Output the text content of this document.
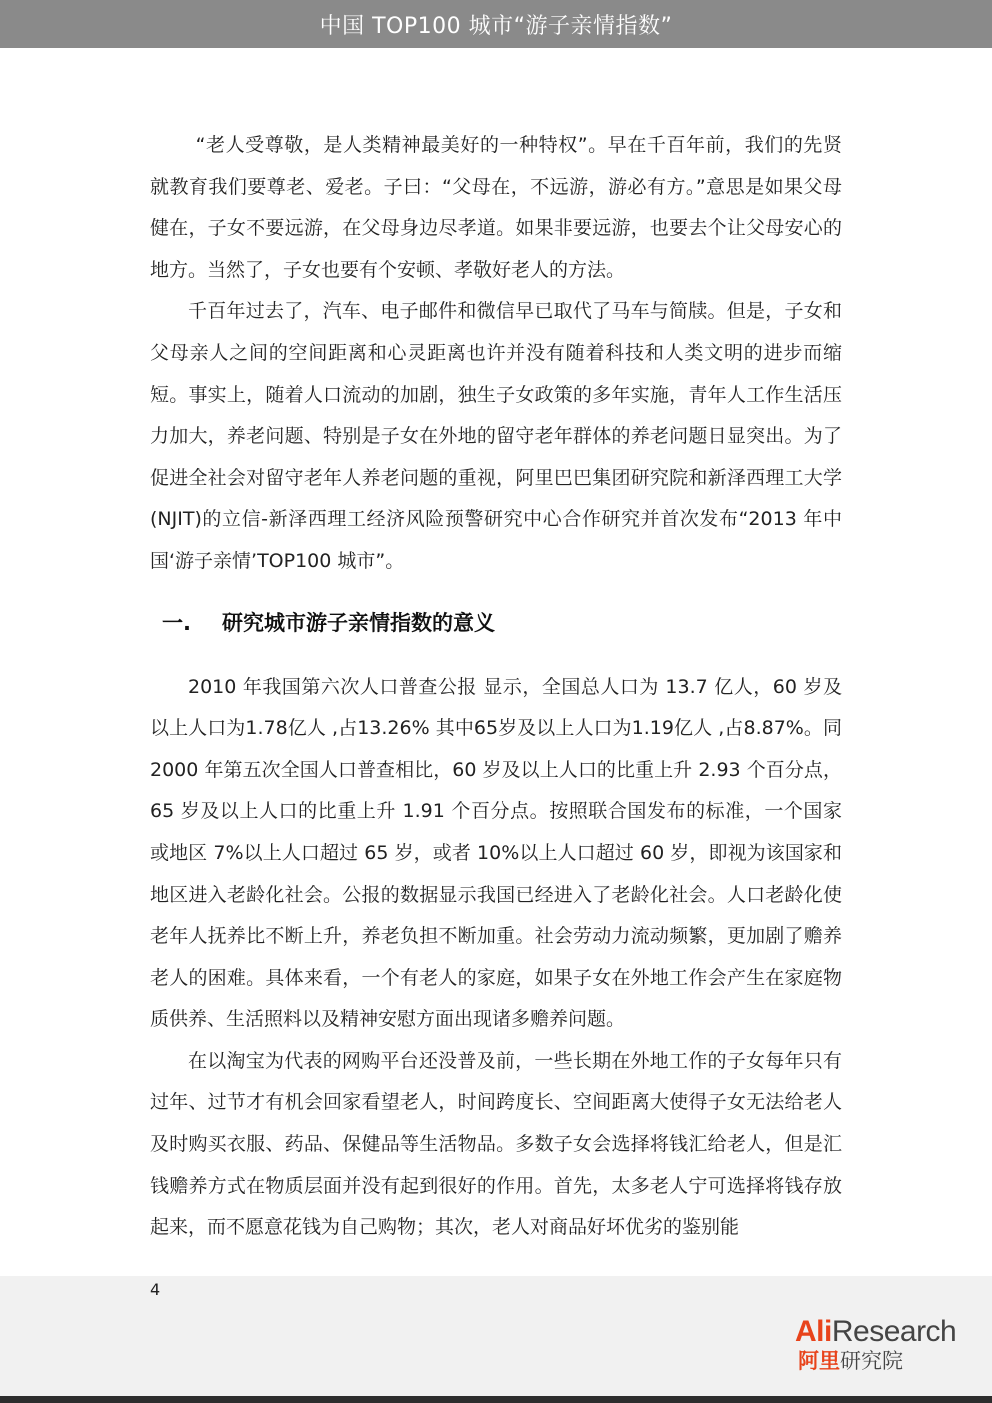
中国 TOP100 城市“游子亲情指数”

“老人受尊敬，是人类精神最美好的一种特权”。早在千百年前，我们的先贤就教育我们要尊老、爱老。子曰：“父母在，不远游，游必有方。”意思是如果父母健在，子女不要远游，在父母身边尽孝道。如果非要远游，也要去个让父母安心的地方。当然了，子女也要有个安顿、孝敬好老人的方法。

千百年过去了，汽车、电子邮件和微信早已取代了马车与简牍。但是，子女和父母亲人之间的空间距离和心灵距离也许并没有随着科技和人类文明的进步而缩短。事实上，随着人口流动的加剧，独生子女政策的多年实施，青年人工作生活压力加大，养老问题、特别是子女在外地的留守老年群体的养老问题日显突出。为了促进全社会对留守老年人养老问题的重视，阿里巴巴集团研究院和新泽西理工大学(NJIT)的立信-新泽西理工经济风险预警研究中心合作研究并首次发布“2013 年中国‘游子亲情’TOP100 城市”。

一.	研究城市游子亲情指数的意义

2010 年我国第六次人口普查公报 显示，全国总人口为 13.7 亿人，60 岁及以上人口为1.78亿人 ,占13.26% 其中65岁及以上人口为1.19亿人 ,占8.87%。同 2000 年第五次全国人口普查相比，60 岁及以上人口的比重上升 2.93 个百分点，65 岁及以上人口的比重上升 1.91 个百分点。按照联合国发布的标准，一个国家或地区 7%以上人口超过 65 岁，或者 10%以上人口超过 60 岁，即视为该国家和地区进入老龄化社会。公报的数据显示我国已经进入了老龄化社会。人口老龄化使老年人抚养比不断上升，养老负担不断加重。社会劳动力流动频繁，更加剧了赡养老人的困难。具体来看，一个有老人的家庭，如果子女在外地工作会产生在家庭物质供养、生活照料以及精神安慰方面出现诸多赡养问题。

在以淘宝为代表的网购平台还没普及前，一些长期在外地工作的子女每年只有过年、过节才有机会回家看望老人，时间跨度长、空间距离大使得子女无法给老人及时购买衣服、药品、保健品等生活物品。多数子女会选择将钱汇给老人，但是汇钱赡养方式在物质层面并没有起到很好的作用。首先，太多老人宁可选择将钱存放起来，而不愿意花钱为自己购物；其次，老人对商品好坏优劣的鉴别能

4
AliResearch
阿里研究院
